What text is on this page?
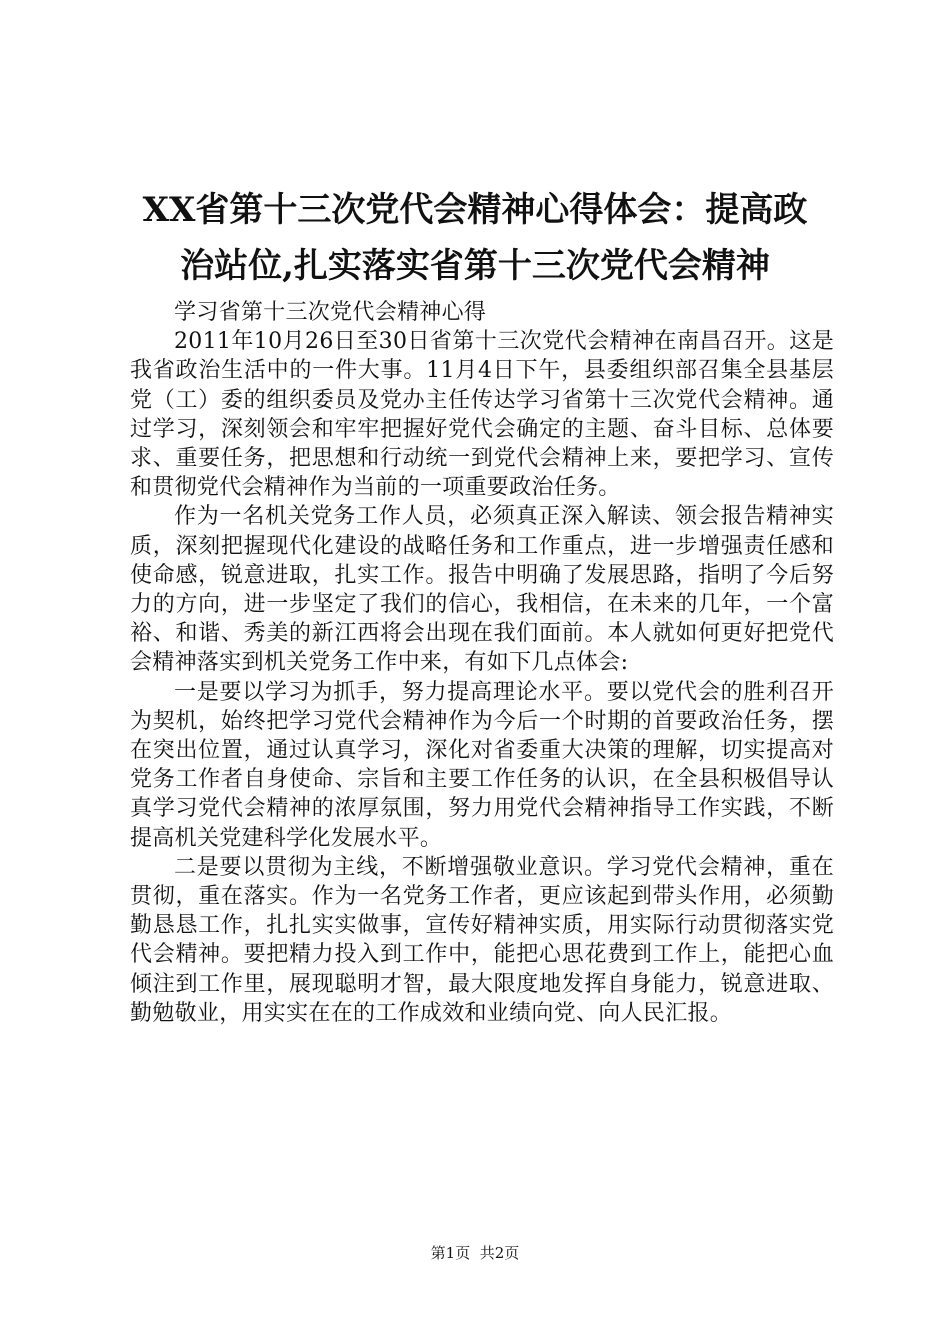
XX省第十三次党代会精神心得体会：提高政
治站位,扎实落实省第十三次党代会精神

学习省第十三次党代会精神心得

2011年10月26日至30日省第十三次党代会精神在南昌召开。这是我省政治生活中的一件大事。11月4日下午，县委组织部召集全县基层党（工）委的组织委员及党办主任传达学习省第十三次党代会精神。通过学习，深刻领会和牢牢把握好党代会确定的主题、奋斗目标、总体要求、重要任务，把思想和行动统一到党代会精神上来，要把学习、宣传和贯彻党代会精神作为当前的一项重要政治任务。

作为一名机关党务工作人员，必须真正深入解读、领会报告精神实质，深刻把握现代化建设的战略任务和工作重点，进一步增强责任感和使命感，锐意进取，扎实工作。报告中明确了发展思路，指明了今后努力的方向，进一步坚定了我们的信心，我相信，在未来的几年，一个富裕、和谐、秀美的新江西将会出现在我们面前。本人就如何更好把党代会精神落实到机关党务工作中来，有如下几点体会:

一是要以学习为抓手，努力提高理论水平。要以党代会的胜利召开为契机，始终把学习党代会精神作为今后一个时期的首要政治任务，摆在突出位置，通过认真学习，深化对省委重大决策的理解，切实提高对党务工作者自身使命、宗旨和主要工作任务的认识，在全县积极倡导认真学习党代会精神的浓厚氛围，努力用党代会精神指导工作实践，不断提高机关党建科学化发展水平。

二是要以贯彻为主线，不断增强敬业意识。学习党代会精神，重在贯彻，重在落实。作为一名党务工作者，更应该起到带头作用，必须勤勤恳恳工作，扎扎实实做事，宣传好精神实质，用实际行动贯彻落实党代会精神。要把精力投入到工作中，能把心思花费到工作上，能把心血倾注到工作里，展现聪明才智，最大限度地发挥自身能力，锐意进取、勤勉敬业，用实实在在的工作成效和业绩向党、向人民汇报。

第1页 共2页
